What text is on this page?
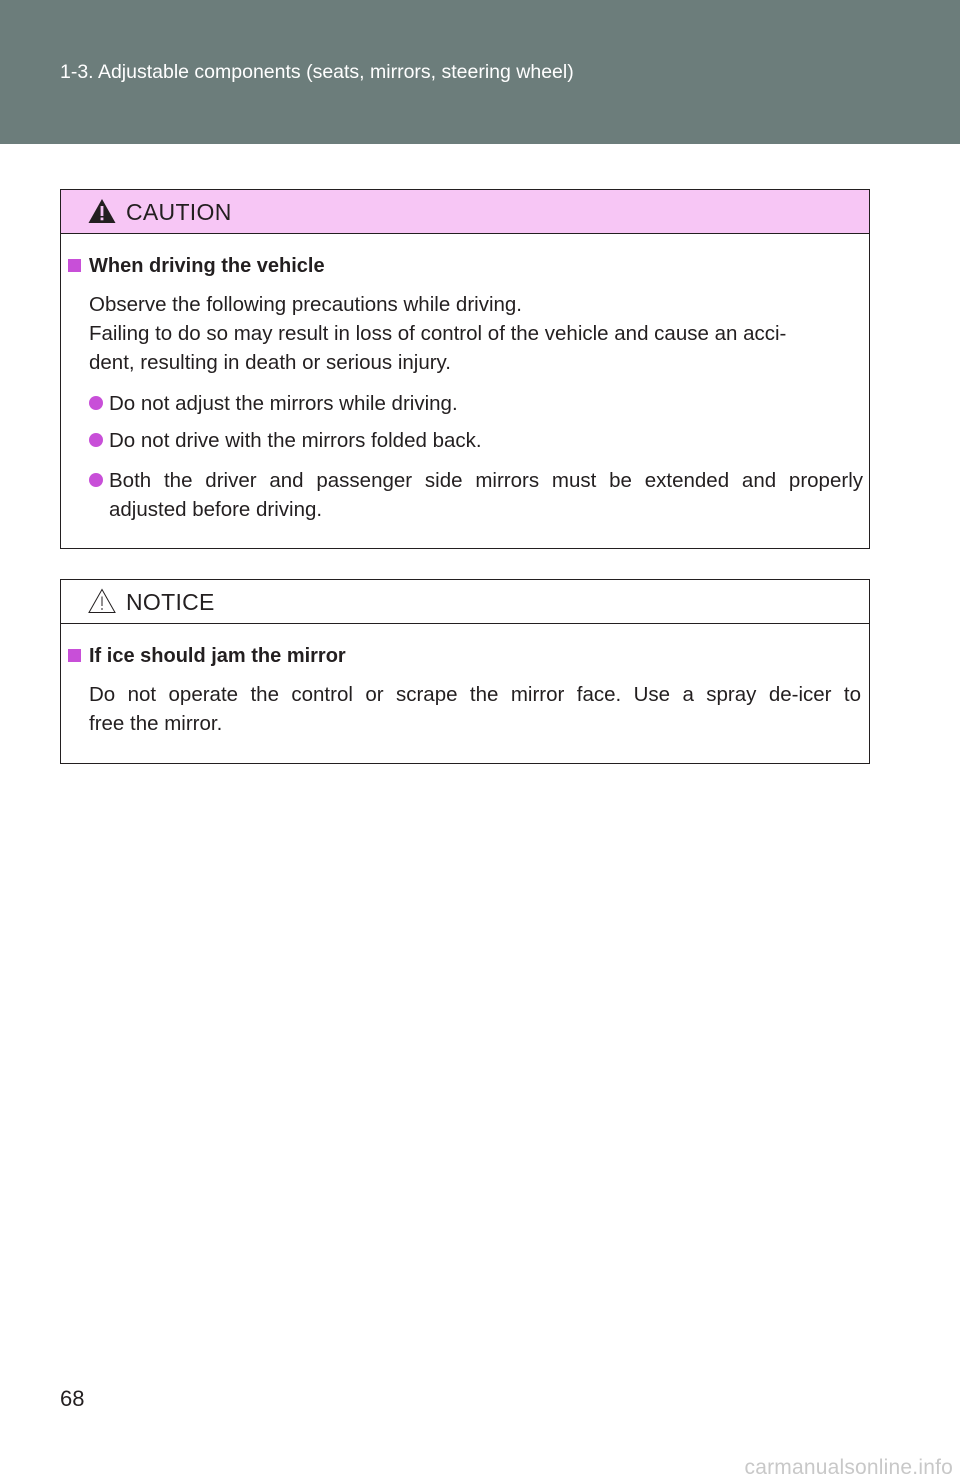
1-3. Adjustable components (seats, mirrors, steering wheel)
CAUTION
When driving the vehicle
Observe the following precautions while driving.
Failing to do so may result in loss of control of the vehicle and cause an acci-
dent, resulting in death or serious injury.
Do not adjust the mirrors while driving.
Do not drive with the mirrors folded back.
Both the driver and passenger side mirrors must be extended and properly
adjusted before driving.
NOTICE
If ice should jam the mirror
Do not operate the control or scrape the mirror face. Use a spray de-icer to
free the mirror.
68
carmanualsonline.info
